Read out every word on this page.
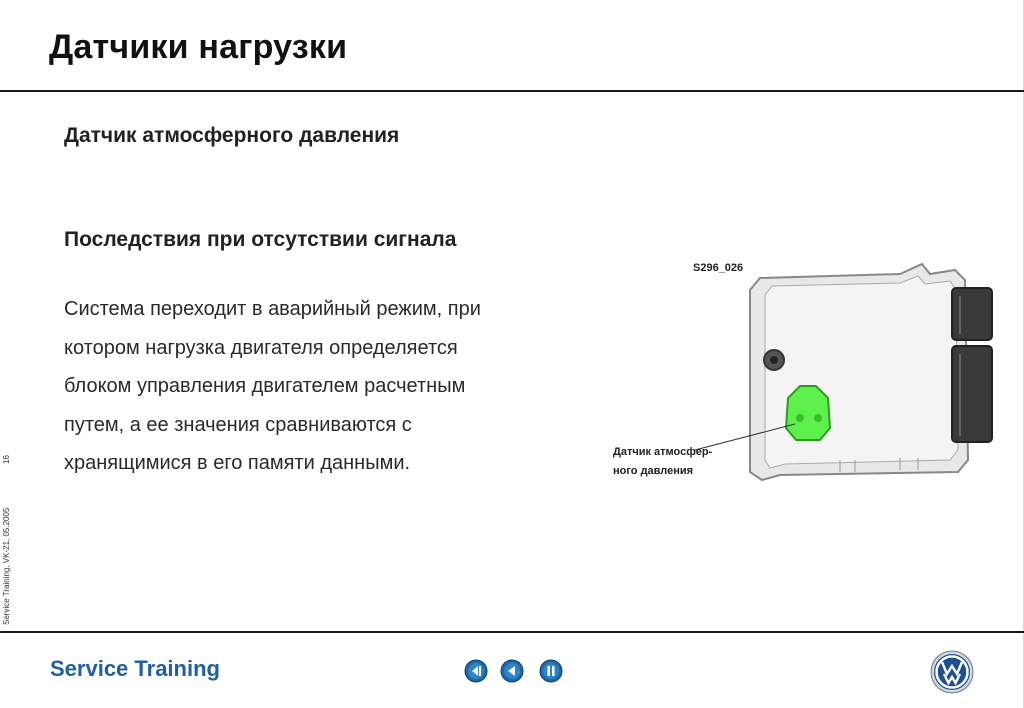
Датчики нагрузки
Датчик атмосферного давления
Последствия при отсутствии сигнала
Система переходит в аварийный режим, при
котором нагрузка двигателя определяется
блоком управления двигателем расчетным
путем, а ее значения сравниваются с
хранящимися в его памяти данными.
16
Service Training, VK-21, 05.2005
S296_026
Датчик атмосфер-
ного давления
Service Training
